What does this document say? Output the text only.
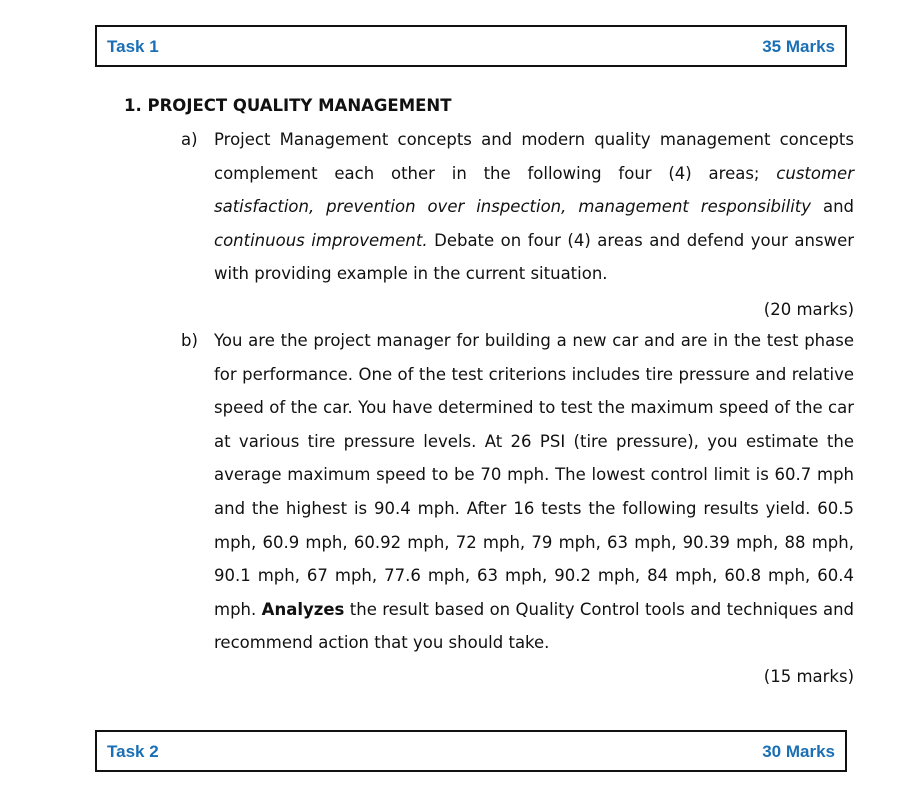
Task 1	35 Marks
1. PROJECT QUALITY MANAGEMENT
a) Project Management concepts and modern quality management concepts complement each other in the following four (4) areas; customer satisfaction, prevention over inspection, management responsibility and continuous improvement. Debate on four (4) areas and defend your answer with providing example in the current situation.

(20 marks)
b) You are the project manager for building a new car and are in the test phase for performance. One of the test criterions includes tire pressure and relative speed of the car. You have determined to test the maximum speed of the car at various tire pressure levels. At 26 PSI (tire pressure), you estimate the average maximum speed to be 70 mph. The lowest control limit is 60.7 mph and the highest is 90.4 mph. After 16 tests the following results yield. 60.5 mph, 60.9 mph, 60.92 mph, 72 mph, 79 mph, 63 mph, 90.39 mph, 88 mph, 90.1 mph, 67 mph, 77.6 mph, 63 mph, 90.2 mph, 84 mph, 60.8 mph, 60.4 mph. Analyzes the result based on Quality Control tools and techniques and recommend action that you should take.

(15 marks)
Task 2	30 Marks
